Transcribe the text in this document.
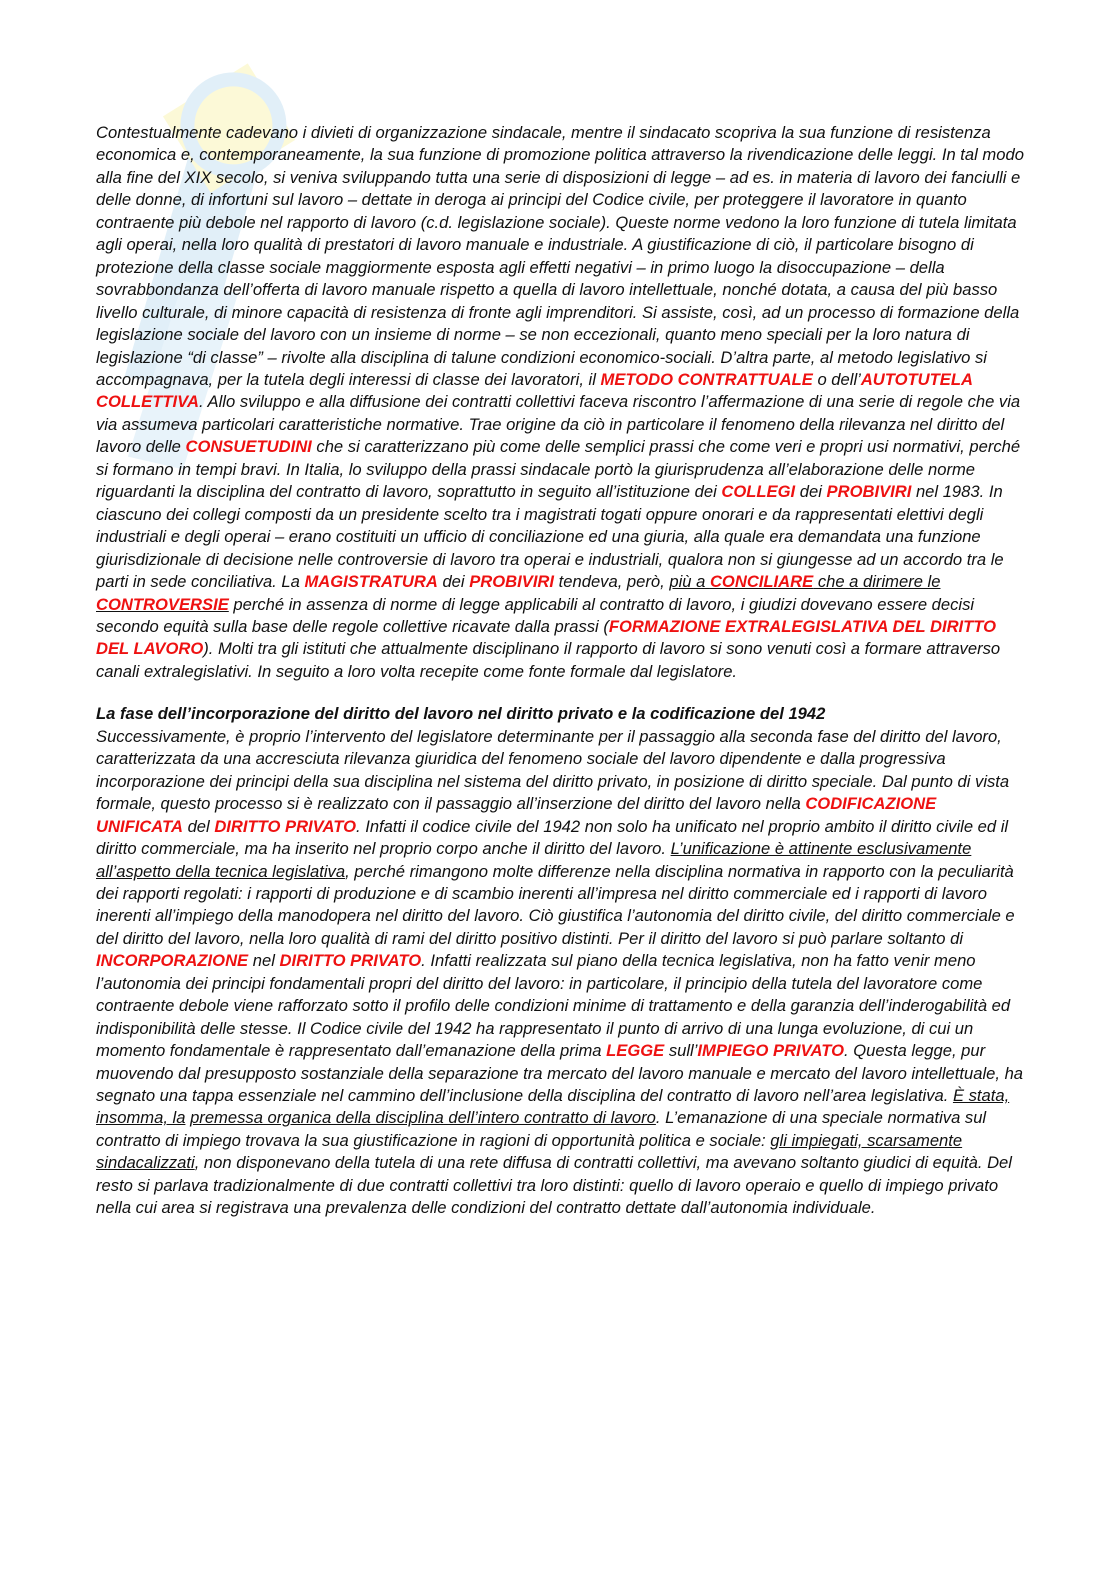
Contestualmente cadevano i divieti di organizzazione sindacale, mentre il sindacato scopriva la sua funzione di resistenza economica e, contemporaneamente, la sua funzione di promozione politica attraverso la rivendicazione delle leggi. In tal modo alla fine del XIX secolo, si veniva sviluppando tutta una serie di disposizioni di legge – ad es. in materia di lavoro dei fanciulli e delle donne, di infortuni sul lavoro – dettate in deroga ai principi del Codice civile, per proteggere il lavoratore in quanto contraente più debole nel rapporto di lavoro (c.d. legislazione sociale). Queste norme vedono la loro funzione di tutela limitata agli operai, nella loro qualità di prestatori di lavoro manuale e industriale. A giustificazione di ciò, il particolare bisogno di protezione della classe sociale maggiormente esposta agli effetti negativi – in primo luogo la disoccupazione – della sovrabbondanza dell’offerta di lavoro manuale rispetto a quella di lavoro intellettuale, nonché dotata, a causa del più basso livello culturale, di minore capacità di resistenza di fronte agli imprenditori. Si assiste, così, ad un processo di formazione della legislazione sociale del lavoro con un insieme di norme – se non eccezionali, quanto meno speciali per la loro natura di legislazione “di classe” – rivolte alla disciplina di talune condizioni economico-sociali. D’altra parte, al metodo legislativo si accompagnava, per la tutela degli interessi di classe dei lavoratori, il METODO CONTRATTUALE o dell’AUTOTUTELA COLLETTIVA. Allo sviluppo e alla diffusione dei contratti collettivi faceva riscontro l’affermazione di una serie di regole che via via assumeva particolari caratteristiche normative. Trae origine da ciò in particolare il fenomeno della rilevanza nel diritto del lavoro delle CONSUETUDINI che si caratterizzano più come delle semplici prassi che come veri e propri usi normativi, perché si formano in tempi bravi. In Italia, lo sviluppo della prassi sindacale portò la giurisprudenza all’elaborazione delle norme riguardanti la disciplina del contratto di lavoro, soprattutto in seguito all’istituzione dei COLLEGI dei PROBIVIRI nel 1983. In ciascuno dei collegi composti da un presidente scelto tra i magistrati togati oppure onorari e da rappresentati elettivi degli industriali e degli operai – erano costituiti un ufficio di conciliazione ed una giuria, alla quale era demandata una funzione giurisdizionale di decisione nelle controversie di lavoro tra operai e industriali, qualora non si giungesse ad un accordo tra le parti in sede conciliativa. La MAGISTRATURA dei PROBIVIRI tendeva, però, più a CONCILIARE che a dirimere le CONTROVERSIE perché in assenza di norme di legge applicabili al contratto di lavoro, i giudizi dovevano essere decisi secondo equità sulla base delle regole collettive ricavate dalla prassi (FORMAZIONE EXTRALEGISLATIVA DEL DIRITTO DEL LAVORO). Molti tra gli istituti che attualmente disciplinano il rapporto di lavoro si sono venuti così a formare attraverso canali extralegislativi. In seguito a loro volta recepite come fonte formale dal legislatore.

La fase dell’incorporazione del diritto del lavoro nel diritto privato e la codificazione del 1942

Successivamente, è proprio l’intervento del legislatore determinante per il passaggio alla seconda fase del diritto del lavoro, caratterizzata da una accresciuta rilevanza giuridica del fenomeno sociale del lavoro dipendente e dalla progressiva incorporazione dei principi della sua disciplina nel sistema del diritto privato, in posizione di diritto speciale. Dal punto di vista formale, questo processo si è realizzato con il passaggio all’inserzione del diritto del lavoro nella CODIFICAZIONE UNIFICATA del DIRITTO PRIVATO. Infatti il codice civile del 1942 non solo ha unificato nel proprio ambito il diritto civile ed il diritto commerciale, ma ha inserito nel proprio corpo anche il diritto del lavoro. L’unificazione è attinente esclusivamente all’aspetto della tecnica legislativa, perché rimangono molte differenze nella disciplina normativa in rapporto con la peculiarità dei rapporti regolati: i rapporti di produzione e di scambio inerenti all’impresa nel diritto commerciale ed i rapporti di lavoro inerenti all’impiego della manodopera nel diritto del lavoro. Ciò giustifica l’autonomia del diritto civile, del diritto commerciale e del diritto del lavoro, nella loro qualità di rami del diritto positivo distinti. Per il diritto del lavoro si può parlare soltanto di INCORPORAZIONE nel DIRITTO PRIVATO. Infatti realizzata sul piano della tecnica legislativa, non ha fatto venir meno l’autonomia dei principi fondamentali propri del diritto del lavoro: in particolare, il principio della tutela del lavoratore come contraente debole viene rafforzato sotto il profilo delle condizioni minime di trattamento e della garanzia dell’inderogabilità ed indisponibilità delle stesse. Il Codice civile del 1942 ha rappresentato il punto di arrivo di una lunga evoluzione, di cui un momento fondamentale è rappresentato dall’emanazione della prima LEGGE sull’IMPIEGO PRIVATO. Questa legge, pur muovendo dal presupposto sostanziale della separazione tra mercato del lavoro manuale e mercato del lavoro intellettuale, ha segnato una tappa essenziale nel cammino dell’inclusione della disciplina del contratto di lavoro nell’area legislativa. È stata, insomma, la premessa organica della disciplina dell’intero contratto di lavoro. L’emanazione di una speciale normativa sul contratto di impiego trovava la sua giustificazione in ragioni di opportunità politica e sociale: gli impiegati, scarsamente sindacalizzati, non disponevano della tutela di una rete diffusa di contratti collettivi, ma avevano soltanto giudici di equità. Del resto si parlava tradizionalmente di due contratti collettivi tra loro distinti: quello di lavoro operaio e quello di impiego privato nella cui area si registrava una prevalenza delle condizioni del contratto dettate dall’autonomia individuale.
